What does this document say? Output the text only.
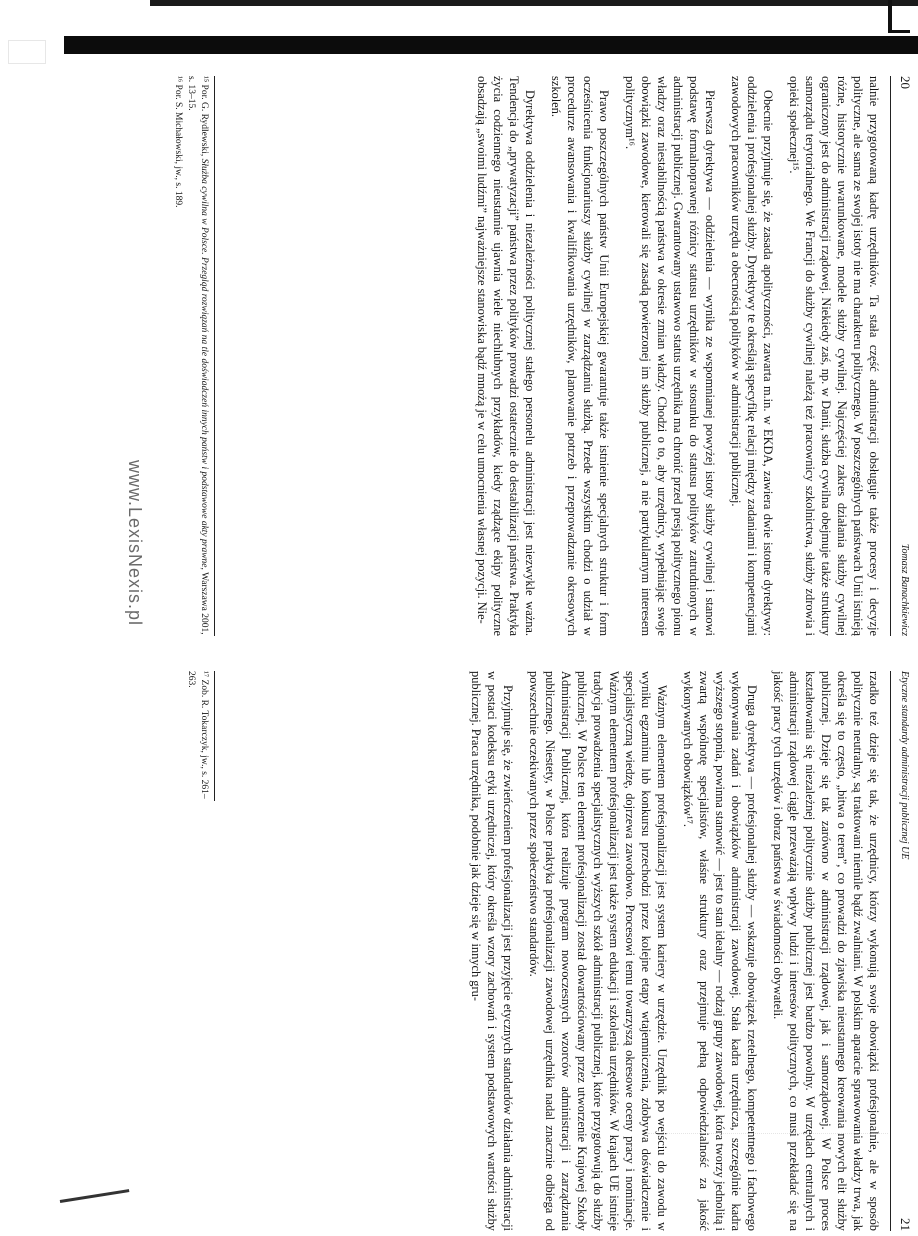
20
Tomasz Banachkiewicz

nalnie przygotowaną kadrę urzędników. Ta stała część administracji obsługuje także procesy i decyzje polityczne, ale sama ze swojej istoty nie ma charakteru politycznego. W poszczególnych państwach Unii istnieją różne, historycznie uwarunkowane, modele służby cywilnej. Najczęściej zakres działania służby cywilnej ograniczony jest do administracji rządowej. Niekiedy zaś, np. w Danii, służba cywilna obejmuje także struktury samorządu terytorialnego. We Francji do służby cywilnej należą też pracownicy szkolnictwa, służby zdrowia i opieki społecznej¹⁵.

Obecnie przyjmuje się, że zasada apolityczności, zawarta m.in. w EKDA, zawiera dwie istotne dyrektywy: oddzielenia i profesjonalnej służby. Dyrektywy te określają specyfikę relacji między zadaniami i kompetencjami zawodowych pracowników urzędu a obecnością polityków w administracji publicznej.

Pierwsza dyrektywa — oddzielenia — wynika ze wspomnianej powyżej istoty służby cywilnej i stanowi podstawę formalnoprawnej różnicy statusu urzędników w stosunku do statusu polityków zatrudnionych w administracji publicznej. Gwarantowany ustawowo status urzędnika ma chronić przed presją politycznego pionu władzy oraz niestabilnością państwa w okresie zmian władzy. Chodzi o to, aby urzędnicy, wypełniając swoje obowiązki zawodowe, kierowali się zasadą powierzonej im służby publicznej, a nie partykularnym interesem politycznym¹⁶.

Prawo poszczególnych państw Unii Europejskiej gwarantuje także istnienie specjalnych struktur i form ocześnicenia funkcjonariuszy służby cywilnej w zarządzaniu służbą. Przede wszystkim chodzi o udział w procedurze awansowania i kwalifikowania urzędników, planowanie potrzeb i przeprowadzanie okresowych szkoleń.

Dyrektywa oddzielenia i niezależności politycznej stałego personelu administracji jest niezwykle ważna. Tendencja do „prywatyzacji” państwa przez polityków prowadzi ostatecznie do destabilizacji państwa. Praktyka życia codziennego nieustannie ujawnia wiele niechlubnych przykładów, kiedy rządzące ekipy polityczne obsadzają „swoimi ludźmi” najważniejsze stanowiska bądź mnożą je w celu umocnienia własnej pozycji. Nie-

¹⁵ Por. G. Rydlewski, Służba cywilna w Polsce. Przegląd rozwiązań na tle doświadczeń innych państw i podstawowe akty prawne, Warszawa 2001, s. 13–15.

¹⁶ Por. S. Michałowski, jw., s. 189.

www.LexisNexis.pl
Etyczne standardy administracji publicznej UE
21

rzadko też dzieje się tak, że urzędnicy, którzy wykonują swoje obowiązki profesjonalnie, ale w sposób politycznie neutralny, są traktowani niemile bądź zwalniani. W polskim aparacie sprawowania władzy trwa, jak określa się to często, „bitwa o teren”, co prowadzi do zjawiska nieustannego kreowania nowych elit służby publicznej. Dzieje się tak zarówno w administracji rządowej, jak i samorządowej. W Polsce proces kształtowania się niezależnej politycznie służby publicznej jest bardzo powolny. W urzędach centralnych i administracji rządowej ciągle przeważają wpływy ludzi i interesów politycznych, co musi przekładać się na jakość pracy tych urzędów i obraz państwa w świadomości obywateli.

Druga dyrektywa — profesjonalnej służby — wskazuje obowiązek rzetelnego, kompetentnego i fachowego wykonywania zadań i obowiązków administracji zawodowej. Stała kadra urzędnicza, szczególnie kadra wyższego stopnia, powinna stanowić — jest to stan idealny — rodzaj grupy zawodowej, która tworzy jednolitą i zwartą wspólnotę specjalistów, właśne struktury oraz przejmuje pełną odpowiedzialność za jakość wykonywanych obowiązków¹⁷.

Ważnym elementem profesjonalizacji jest system kariery w urzędzie. Urzędnik po wejściu do zawodu w wyniku egzaminu lub konkursu przechodzi przez kolejne etapy wtajemniczenia, zdobywa doświadczenie i specjalistyczną wiedzę, dojrzewa zawodowo. Procesowi temu towarzyszą okresowe oceny pracy i nominacje. Ważnym elementem profesjonalizacji jest także system edukacji i szkolenia urzędników. W krajach UE istnieje tradycja prowadzenia specjalistycznych wyższych szkół administracji publicznej, które przygotowują do służby publicznej. W Polsce ten element profesjonalizacji został dowartościowany przez utworzenie Krajowej Szkoły Administracji Publicznej, która realizuje program nowoczesnych wzorców administracji i zarządzania publicznego. Niestety, w Polsce praktyka profesjonalizacji zawodowej urzędnika nadal znacznie odbiega od powszechnie oczekiwanych przez społeczeństwo standardów.

Przyjmuje się, że zwieńczeniem profesjonalizacji jest przyjęcie etycznych standardów działania administracji w postaci kodeksu etyki urzędniczej, który określa wzory zachowań i system podstawowych wartości służby publicznej. Praca urzędnika, podobnie jak dzieje się w innych gru-

¹⁷ Zob. R. Tokarczyk, jw., s. 261–263.
